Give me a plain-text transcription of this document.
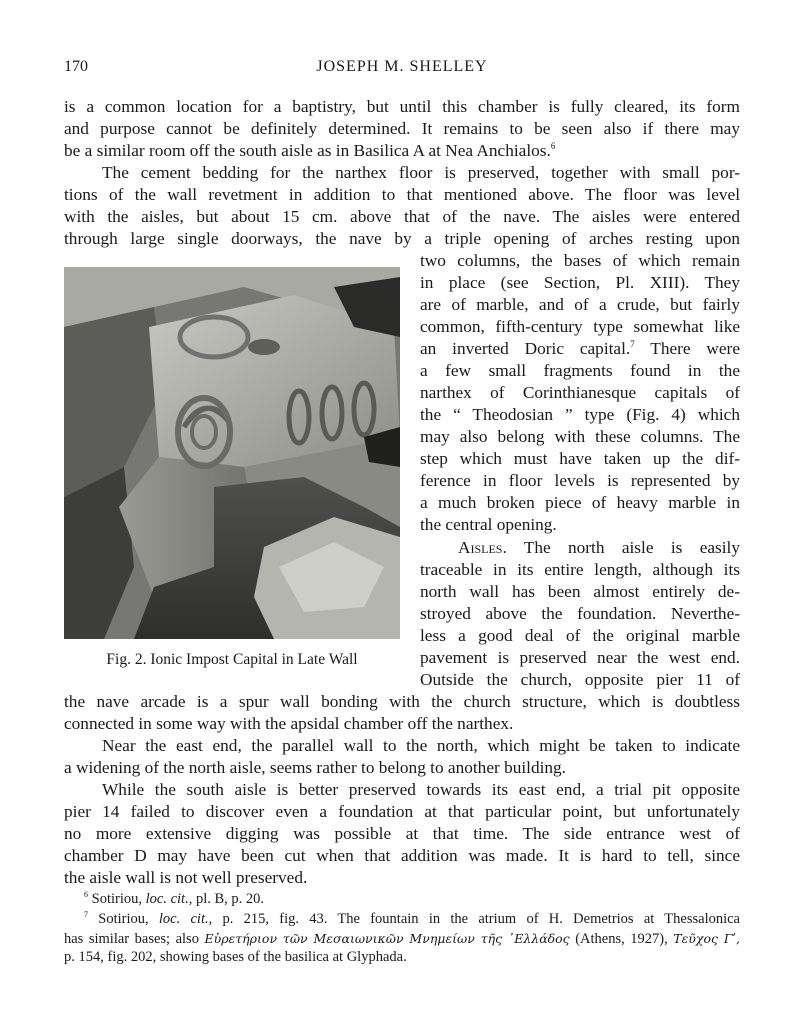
170	JOSEPH M. SHELLEY
is a common location for a baptistry, but until this chamber is fully cleared, its form
and purpose cannot be definitely determined. It remains to be seen also if there may
be a similar room off the south aisle as in Basilica A at Nea Anchialos.$^6$
The cement bedding for the narthex floor is preserved, together with small por-
tions of the wall revetment in addition to that mentioned above. The floor was level
with the aisles, but about 15 cm. above that of the nave. The aisles were entered
through large single doorways, the nave by a triple opening of arches resting upon
two columns, the bases of which remain
in place (see Section, Pl. XIII). They
are of marble, and of a crude, but fairly
common, fifth-century type somewhat like
an inverted Doric capital.$^7$ There were
a few small fragments found in the
narthex of Corinthianesque capitals of
the “ Theodosian ” type (Fig. 4) which
may also belong with these columns. The
step which must have taken up the dif-
ference in floor levels is represented by
a much broken piece of heavy marble in
the central opening.
Aisles. The north aisle is easily
traceable in its entire length, although its
north wall has been almost entirely de-
stroyed above the foundation. Neverthe-
less a good deal of the original marble
pavement is preserved near the west end.
Outside the church, opposite pier 11 of
the nave arcade is a spur wall bonding with the church structure, which is doubtless
connected in some way with the apsidal chamber off the narthex.
Near the east end, the parallel wall to the north, which might be taken to indicate
a widening of the north aisle, seems rather to belong to another building.
While the south aisle is better preserved towards its east end, a trial pit opposite
pier 14 failed to discover even a foundation at that particular point, but unfortunately
no more extensive digging was possible at that time. The side entrance west of
chamber D may have been cut when that addition was made. It is hard to tell, since
the aisle wall is not well preserved.
Fig. 2. Ionic Impost Capital in Late Wall
$^6$ Sotiriou, loc. cit., pl. B, p. 20.
$^7$ Sotiriou, loc. cit., p. 215, fig. 43. The fountain in the atrium of H. Demetrios at Thessalonica
has similar bases; also Εὑρετήριον τῶν Μεσαιωνικῶν Μνημείων τῆς ᾿Ελλάδος (Athens, 1927), Τεῦχος Γʹ,
p. 154, fig. 202, showing bases of the basilica at Glyphada.
